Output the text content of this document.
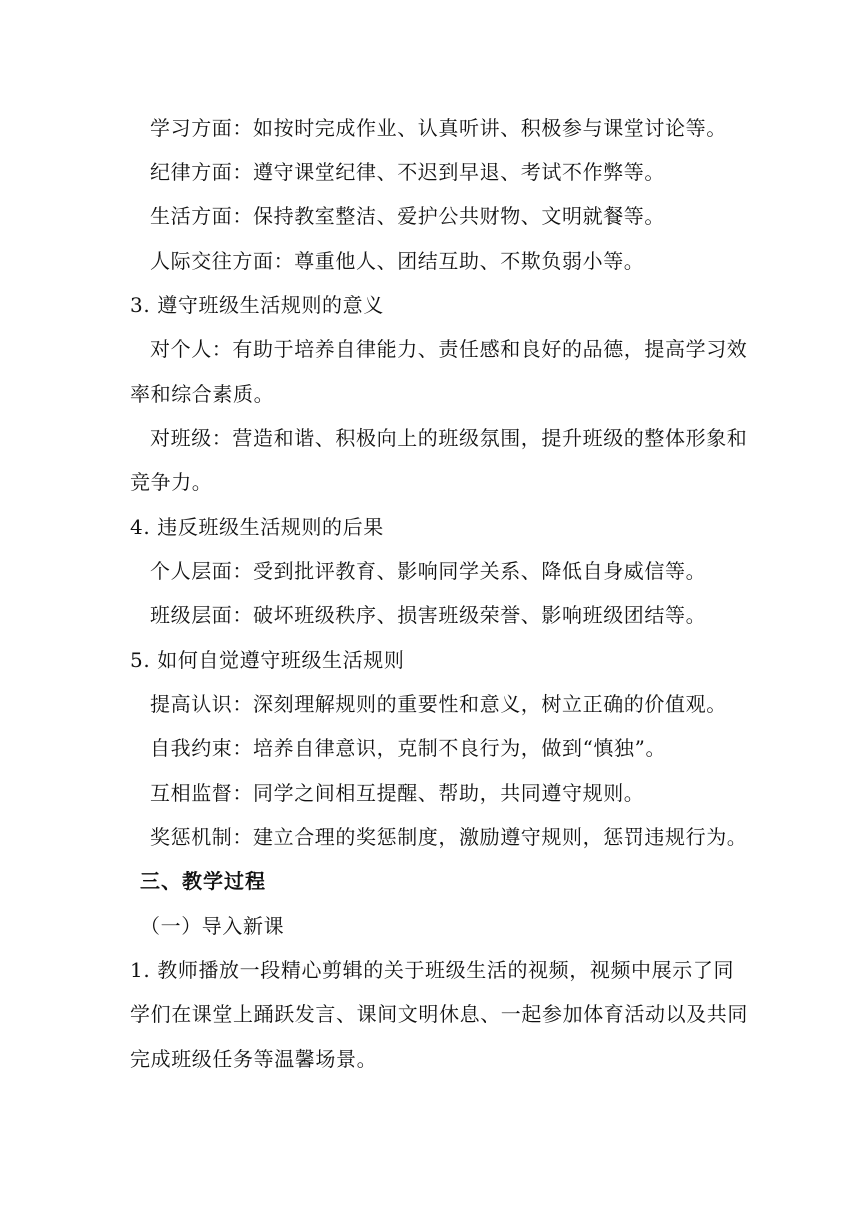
学习方面：如按时完成作业、认真听讲、积极参与课堂讨论等。
纪律方面：遵守课堂纪律、不迟到早退、考试不作弊等。
生活方面：保持教室整洁、爱护公共财物、文明就餐等。
人际交往方面：尊重他人、团结互助、不欺负弱小等。
3. 遵守班级生活规则的意义
对个人：有助于培养自律能力、责任感和良好的品德，提高学习效
率和综合素质。
对班级：营造和谐、积极向上的班级氛围，提升班级的整体形象和
竞争力。
4. 违反班级生活规则的后果
个人层面：受到批评教育、影响同学关系、降低自身威信等。
班级层面：破坏班级秩序、损害班级荣誉、影响班级团结等。
5. 如何自觉遵守班级生活规则
提高认识：深刻理解规则的重要性和意义，树立正确的价值观。
自我约束：培养自律意识，克制不良行为，做到“慎独”。
互相监督：同学之间相互提醒、帮助，共同遵守规则。
奖惩机制：建立合理的奖惩制度，激励遵守规则，惩罚违规行为。
三、教学过程
（一）导入新课
1. 教师播放一段精心剪辑的关于班级生活的视频，视频中展示了同
学们在课堂上踊跃发言、课间文明休息、一起参加体育活动以及共同
完成班级任务等温馨场景。
